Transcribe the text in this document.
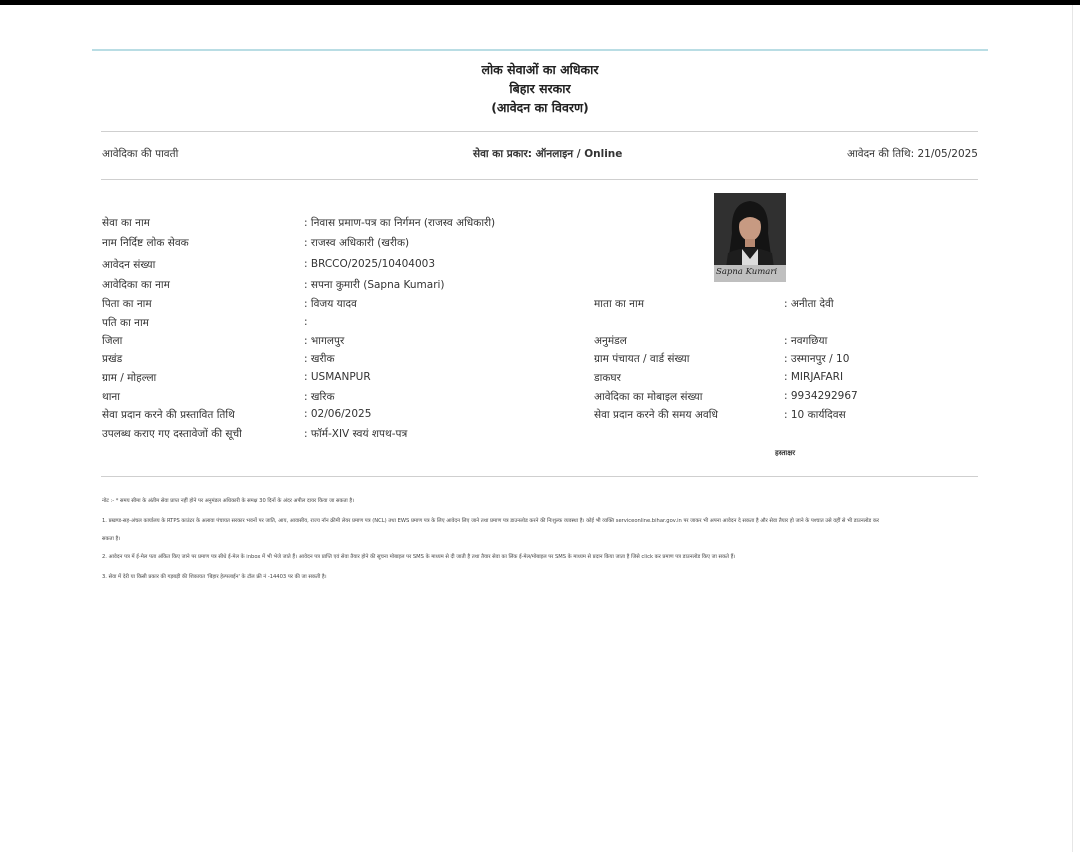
लोक सेवाओं का अधिकार
बिहार सरकार
(आवेदन का विवरण)
आवेदिका की पावती	सेवा का प्रकार: ऑनलाइन / Online	आवेदन की तिथि: 21/05/2025
Sapna Kumari
सेवा का नाम	: निवास प्रमाण-पत्र का निर्गमन (राजस्व अधिकारी)
नाम निर्दिष्ट लोक सेवक	: राजस्व अधिकारी (खरीक)
आवेदन संख्या	: BRCCO/2025/10404003
आवेदिका का नाम	: सपना कुमारी (Sapna Kumari)
पिता का नाम	: विजय यादव	माता का नाम	: अनीता देवी
पति का नाम	:
जिला	: भागलपुर	अनुमंडल	: नवगछिया
प्रखंड	: खरीक	ग्राम पंचायत / वार्ड संख्या	: उस्मानपुर / 10
ग्राम / मोहल्ला	: USMANPUR	डाकघर	: MIRJAFARI
थाना	: खरिक	आवेदिका का मोबाइल संख्या	: 9934292967
सेवा प्रदान करने की प्रस्तावित तिथि	: 02/06/2025	सेवा प्रदान करने की समय अवधि	: 10 कार्यदिवस
उपलब्ध कराए गए दस्तावेजों की सूची	: फॉर्म-XIV स्वयं शपथ-पत्र
हस्ताक्षर
नोट :- * समय सीमा के अंतीम सेवा प्राप्त नहीं होने पर अनुमंडल अधिकारी के समक्ष 30 दिनों के अंदर अपील दायर किया जा सकता है।
1. प्रखण्ड-सह-अंचल कार्यालय के RTPS काउंटर के अलावा पंचायत सरकार भवनों पर जाति, आय, आवासीय, राज्य नॉन क्रीमी लेयर प्रमाण पत्र (NCL) तथा EWS प्रमाण पत्र के लिए आवेदन लिए जाने तथा प्रमाण पत्र डाउनलोड करने की निःशुल्क व्यवस्था है। कोई भी व्यक्ति serviceonline.bihar.gov.in पर जाकर भी अपना आवेदन दे सकता है और सेवा तैयार हो जाने के पश्चात उसे वहीं से भी डाउनलोड कर
सकता है।
2. आवेदन पत्र में ई-मेल पता अंकित किए जाने पर प्रमाण पत्र सीधे ई-मेल के inbox में भी भेजे जाते हैं। आवेदन पत्र प्राप्ति एवं सेवा तैयार होने की सूचना मोबाइल पर SMS के माध्यम से दी जाती है तथा तैयार सेवा का लिंक ई-मेल/मोबाइल पर SMS के माध्यम से प्रदान किया जाता है जिसे click कर प्रमाण पत्र डाउनलोड किए जा सकते हैं।
3. सेवा में देरी या किसी प्रकार की गड़बड़ी की शिकायत 'बिहार हेल्पलाईन' के टॉल फ्री नं -14403 पर की जा सकती है।
